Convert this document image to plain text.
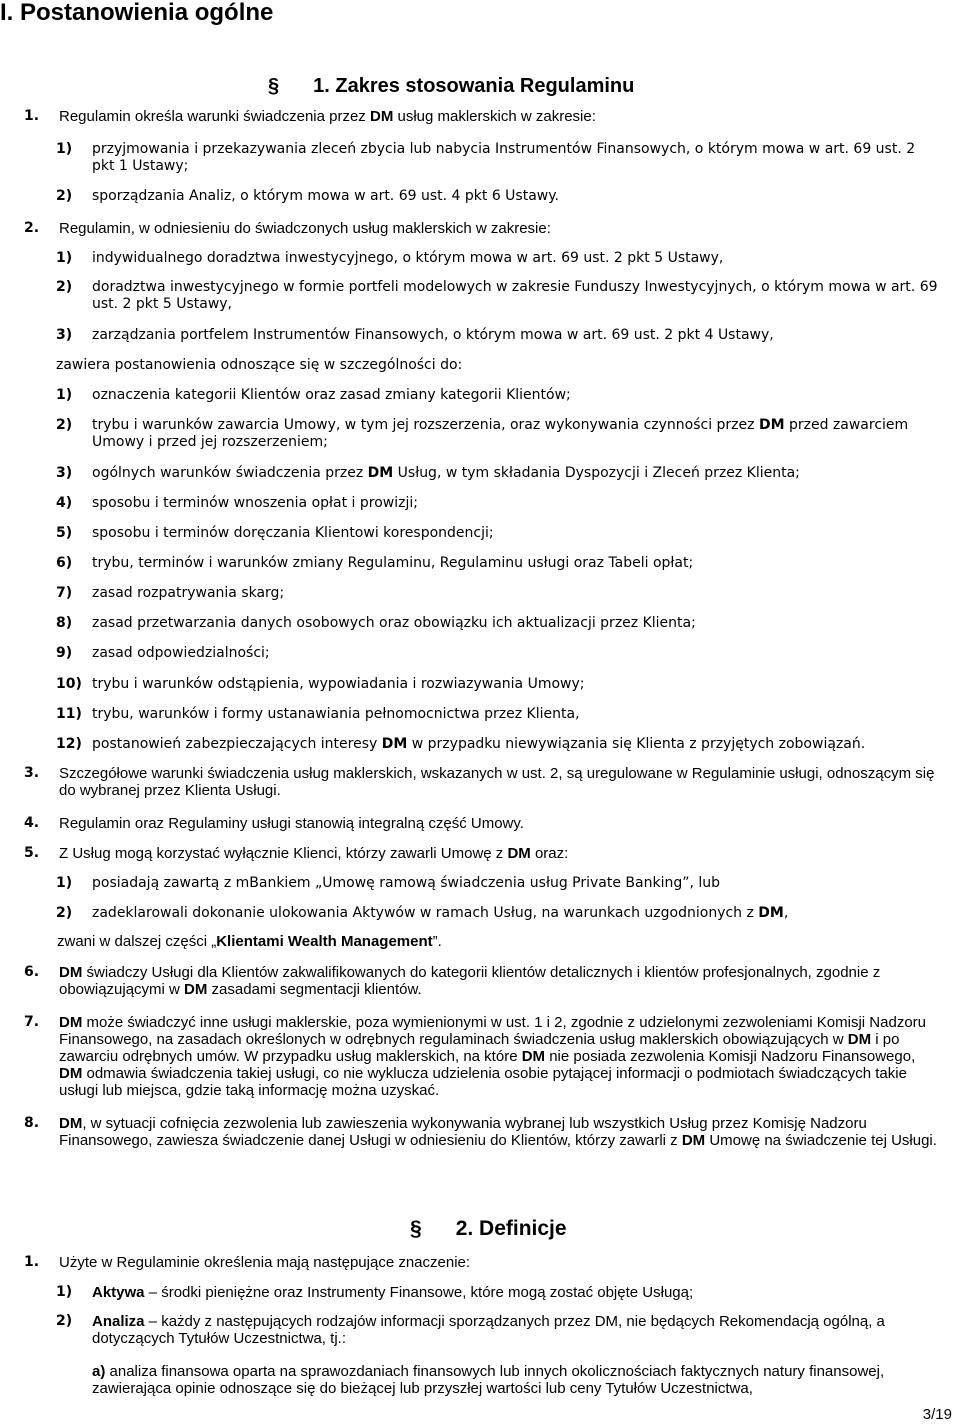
I. Postanowienia ogólne
§ 1. Zakres stosowania Regulaminu
1.	Regulamin określa warunki świadczenia przez DM usług maklerskich w zakresie:
1)	przyjmowania i przekazywania zleceń zbycia lub nabycia Instrumentów Finansowych, o którym mowa w art. 69 ust. 2 pkt 1 Ustawy;
2)	sporządzania Analiz, o którym mowa w art. 69 ust. 4 pkt 6 Ustawy.
2.	Regulamin, w odniesieniu do świadczonych usług maklerskich w zakresie:
1)	indywidualnego doradztwa inwestycyjnego, o którym mowa w art. 69 ust. 2 pkt 5 Ustawy,
2)	doradztwa inwestycyjnego w formie portfeli modelowych w zakresie Funduszy Inwestycyjnych, o którym mowa w art. 69 ust. 2 pkt 5 Ustawy,
3)	zarządzania portfelem Instrumentów Finansowych, o którym mowa w art. 69 ust. 2 pkt 4 Ustawy,
zawiera postanowienia odnoszące się w szczególności do:
1)	oznaczenia kategorii Klientów oraz zasad zmiany kategorii Klientów;
2)	trybu i warunków zawarcia Umowy, w tym jej rozszerzenia, oraz wykonywania czynności przez DM przed zawarciem Umowy i przed jej rozszerzeniem;
3)	ogólnych warunków świadczenia przez DM Usług, w tym składania Dyspozycji i Zleceń przez Klienta;
4)	sposobu i terminów wnoszenia opłat i prowizji;
5)	sposobu i terminów doręczania Klientowi korespondencji;
6)	trybu, terminów i warunków zmiany Regulaminu, Regulaminu usługi oraz Tabeli opłat;
7)	zasad rozpatrywania skarg;
8)	zasad przetwarzania danych osobowych oraz obowiązku ich aktualizacji przez Klienta;
9)	zasad odpowiedzialności;
10) trybu i warunków odstąpienia, wypowiadania i rozwiazywania Umowy;
11) trybu, warunków i formy ustanawiania pełnomocnictwa przez Klienta,
12) postanowień zabezpieczających interesy DM w przypadku niewywiązania się Klienta z przyjętych zobowiązań.
3.	Szczegółowe warunki świadczenia usług maklerskich, wskazanych w ust. 2, są uregulowane w Regulaminie usługi, odnoszącym się do wybranej przez Klienta Usługi.
4.	Regulamin oraz Regulaminy usługi stanowią integralną część Umowy.
5.	Z Usług mogą korzystać wyłącznie Klienci, którzy zawarli Umowę z DM oraz:
1)	posiadają zawartą z mBankiem „Umowę ramową świadczenia usług Private Banking”, lub
2)	zadeklarowali dokonanie ulokowania Aktywów w ramach Usług, na warunkach uzgodnionych z DM,
zwani w dalszej części „Klientami Wealth Management”.
6.	DM świadczy Usługi dla Klientów zakwalifikowanych do kategorii klientów detalicznych i klientów profesjonalnych, zgodnie z obowiązującymi w DM zasadami segmentacji klientów.
7.	DM może świadczyć inne usługi maklerskie, poza wymienionymi w ust. 1 i 2, zgodnie z udzielonymi zezwoleniami Komisji Nadzoru Finansowego, na zasadach określonych w odrębnych regulaminach świadczenia usług maklerskich obowiązujących w DM i po zawarciu odrębnych umów. W przypadku usług maklerskich, na które DM nie posiada zezwolenia Komisji Nadzoru Finansowego, DM odmawia świadczenia takiej usługi, co nie wyklucza udzielenia osobie pytającej informacji o podmiotach świadczących takie usługi lub miejsca, gdzie taką informację można uzyskać.
8.	DM, w sytuacji cofnięcia zezwolenia lub zawieszenia wykonywania wybranej lub wszystkich Usług przez Komisję Nadzoru Finansowego, zawiesza świadczenie danej Usługi w odniesieniu do Klientów, którzy zawarli z DM Umowę na świadczenie tej Usługi.
§ 2. Definicje
1.	Użyte w Regulaminie określenia mają następujące znaczenie:
1)	Aktywa – środki pieniężne oraz Instrumenty Finansowe, które mogą zostać objęte Usługą;
2)	Analiza – każdy z następujących rodzajów informacji sporządzanych przez DM, nie będących Rekomendacją ogólną, a dotyczących Tytułów Uczestnictwa, tj.:
a) analiza finansowa oparta na sprawozdaniach finansowych lub innych okolicznościach faktycznych natury finansowej, zawierająca opinie odnoszące się do bieżącej lub przyszłej wartości lub ceny Tytułów Uczestnictwa,
3/19
